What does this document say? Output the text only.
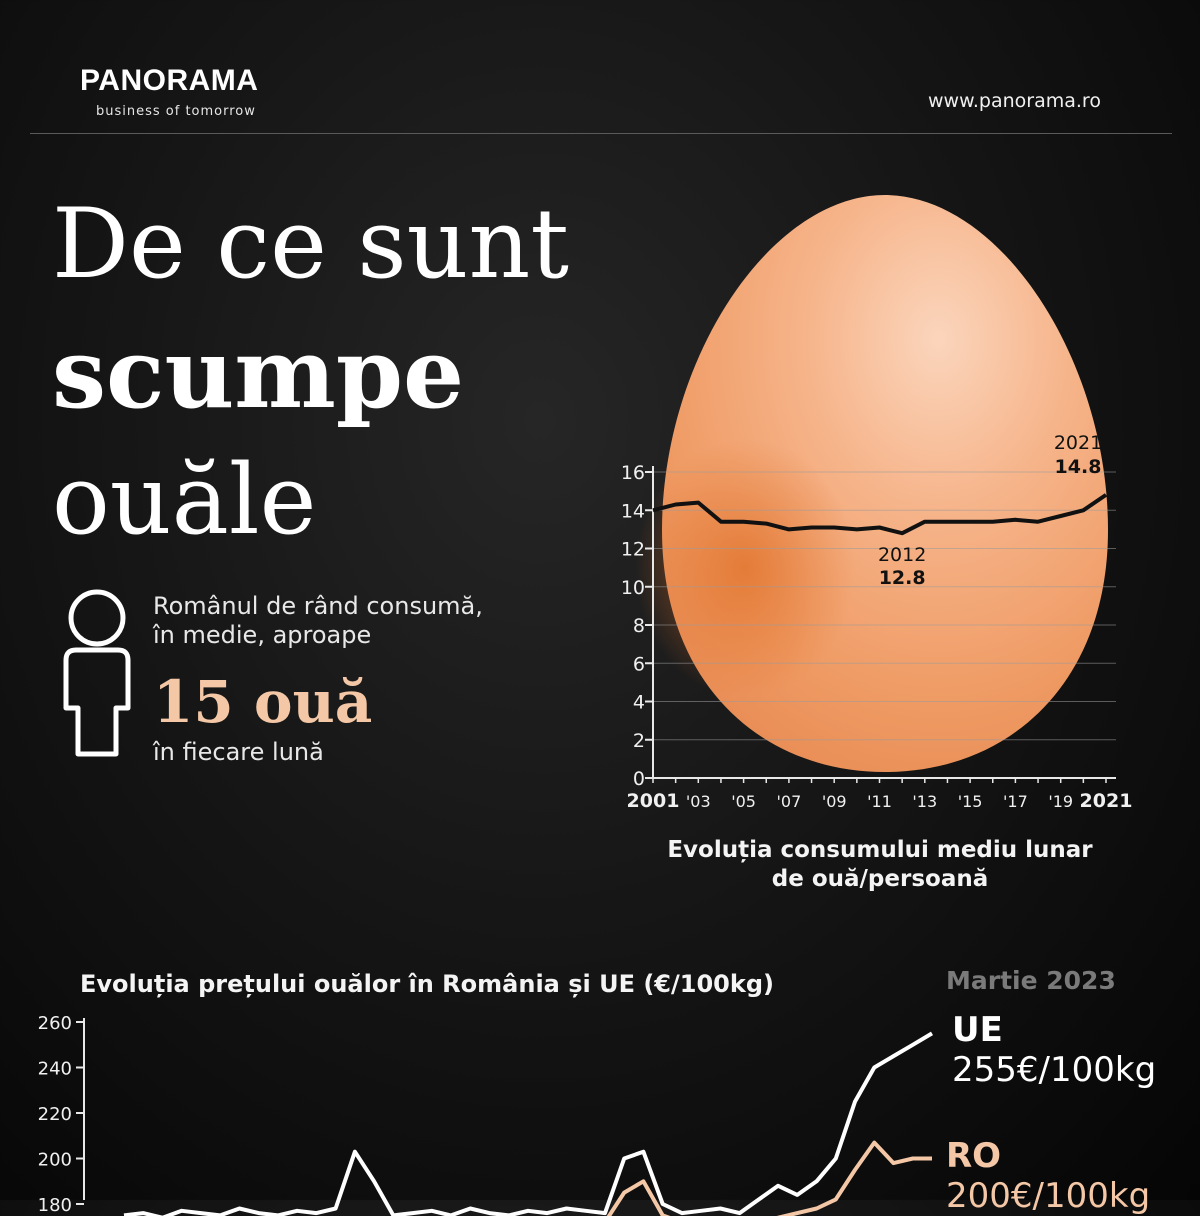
PANORAMA
business of tomorrow	www.panorama.ro
De ce sunt
scumpe
ouăle
Românul de rând consumă,
în medie, aproape
15 ouă
în fiecare lună
0
2
4
6
8
10
12
14
16
2001 '03 '05 '07 '09 '11 '13 '15 '17 '19 2021
2012
12.8
2021
14.8
Evoluția consumului mediu lunar
de ouă/persoană
Evoluția prețului ouălor în România și UE (€/100kg)	Martie 2023
180
200
220
240
260	UE
255€/100kg
RO
200€/100kg
